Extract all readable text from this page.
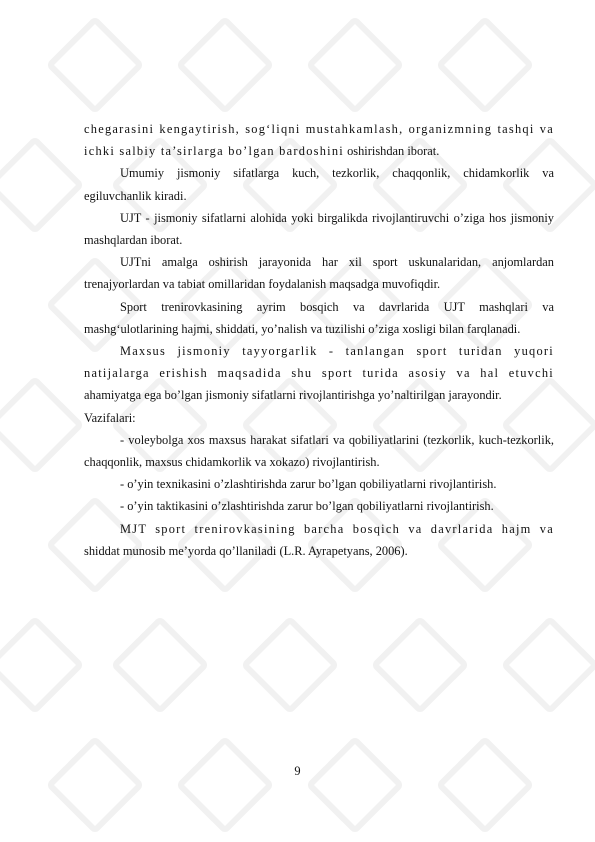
chegarasini kengaytirish, sog‘liqni mustahkamlash, organizmning tashqi va ichki salbiy ta’sirlarga bo’lgan bardoshini oshirishdan iborat.

Umumiy jismoniy sifatlarga kuch, tezkorlik, chaqqonlik, chidamkorlik va egiluvchanlik kiradi.

UJT - jismoniy sifatlarni alohida yoki birgalikda rivojlantiruvchi o’ziga hos jismoniy mashqlardan iborat.

UJTni amalga oshirish jarayonida har xil sport uskunalaridan, anjomlardan trenajyorlardan va tabiat omillaridan foydalanish maqsadga muvofiqdir.

Sport trenirovkasining ayrim bosqich va davrlarida UJT mashqlari va mashg‘ulotlarining hajmi, shiddati, yo’nalish va tuzilishi o’ziga xosligi bilan farqlanadi.

Maxsus jismoniy tayyorgarlik - tanlangan sport turidan yuqori natijalarga erishish maqsadida shu sport turida asosiy va hal etuvchi ahamiyatga ega bo’lgan jismoniy sifatlarni rivojlantirishga yo’naltirilgan jarayondir.

Vazifalari:

- voleybolga xos maxsus harakat sifatlari va qobiliyatlarini (tezkorlik, kuch-tezkorlik, chaqqonlik, maxsus chidamkorlik va xokazo) rivojlantirish.

- o’yin texnikasini o’zlashtirishda zarur bo’lgan qobiliyatlarni rivojlantirish.

- o’yin taktikasini o’zlashtirishda zarur bo’lgan qobiliyatlarni rivojlantirish.

MJT sport trenirovkasining barcha bosqich va davrlarida hajm va shiddat munosib me’yorda qo’llaniladi (L.R. Ayrapetyans, 2006).

9
